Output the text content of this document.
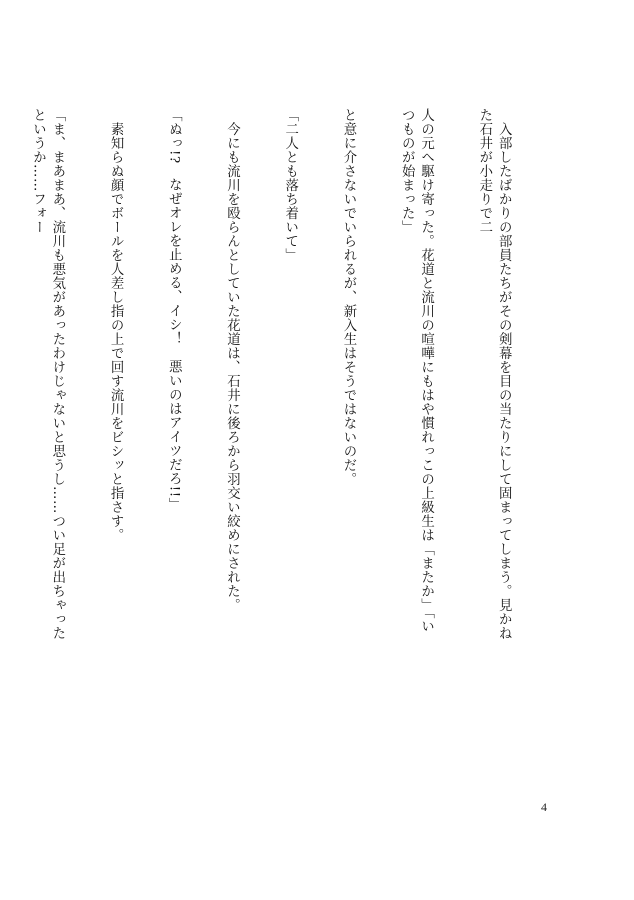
　入部したばかりの部員たちがその剣幕を目の当たりにして固まってしまう。見かねた石井が小走りで二

人の元へ駆け寄った。花道と流川の喧嘩にもはや慣れっこの上級生は「またか」「いつものが始まった」

と意に介さないでいられるが、新入生はそうではないのだ。

「二人とも落ち着いて」

　今にも流川を殴らんとしていた花道は、石井に後ろから羽交い絞めにされた。

「ぬっ!?　なぜオレを止める、イシ！　悪いのはアイツだろ!!」

　素知らぬ顔でボールを人差し指の上で回す流川をビシッと指さす。

「ま、まあまあ、流川も悪気があったわけじゃないと思うし……つい足が出ちゃったというか……フォー

4
